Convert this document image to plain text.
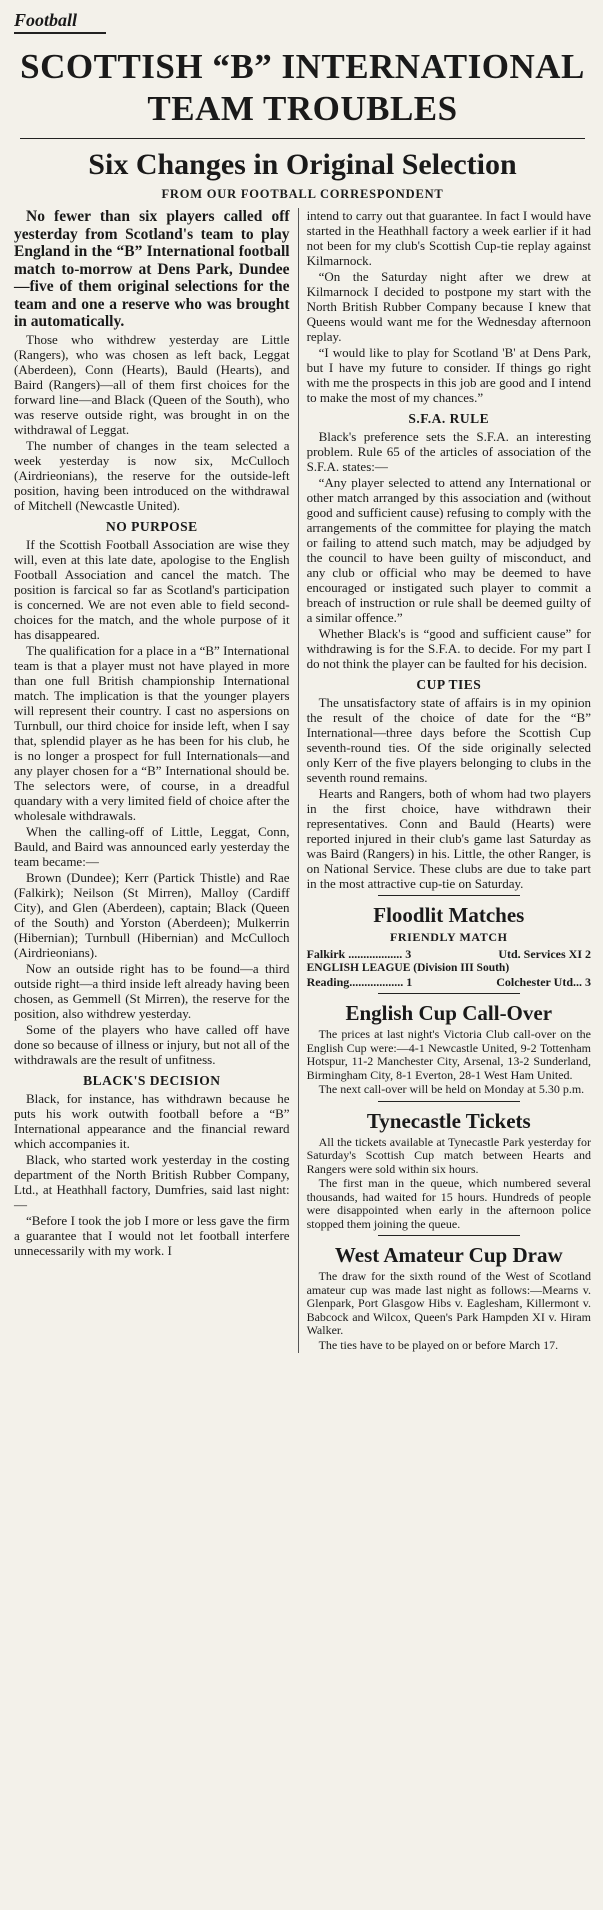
Football
SCOTTISH “B” INTERNATIONAL
TEAM TROUBLES
Six Changes in Original Selection
FROM OUR FOOTBALL CORRESPONDENT

No fewer than six players called off yesterday from Scotland's team to play England in the “B” International football match to-morrow at Dens Park, Dundee—five of them original selections for the team and one a reserve who was brought in automatically.

Those who withdrew yesterday are Little (Rangers), who was chosen as left back, Leggat (Aberdeen), Conn (Hearts), Bauld (Hearts), and Baird (Rangers)—all of them first choices for the forward line—and Black (Queen of the South), who was reserve outside right, was brought in on the withdrawal of Leggat.

The number of changes in the team selected a week yesterday is now six, McCulloch (Airdrieonians), the reserve for the outside-left position, having been introduced on the withdrawal of Mitchell (Newcastle United).

NO PURPOSE

If the Scottish Football Association are wise they will, even at this late date, apologise to the English Football Association and cancel the match. The position is farcical so far as Scotland's participation is concerned. We are not even able to field second-choices for the match, and the whole purpose of it has disappeared.

The qualification for a place in a “B” International team is that a player must not have played in more than one full British championship International match. The implication is that the younger players will represent their country. I cast no aspersions on Turnbull, our third choice for inside left, when I say that, splendid player as he has been for his club, he is no longer a prospect for full Internationals—and any player chosen for a “B” International should be. The selectors were, of course, in a dreadful quandary with a very limited field of choice after the wholesale withdrawals.

When the calling-off of Little, Leggat, Conn, Bauld, and Baird was announced early yesterday the team became:—

Brown (Dundee); Kerr (Partick Thistle) and Rae (Falkirk); Neilson (St Mirren), Malloy (Cardiff City), and Glen (Aberdeen), captain; Black (Queen of the South) and Yorston (Aberdeen); Mulkerrin (Hibernian); Turnbull (Hibernian) and McCulloch (Airdrieonians).

Now an outside right has to be found—a third outside right—a third inside left already having been chosen, as Gemmell (St Mirren), the reserve for the position, also withdrew yesterday.

Some of the players who have called off have done so because of illness or injury, but not all of the withdrawals are the result of unfitness.

BLACK'S DECISION

Black, for instance, has withdrawn because he puts his work outwith football before a “B” International appearance and the financial reward which accompanies it.

Black, who started work yesterday in the costing department of the North British Rubber Company, Ltd., at Heathhall factory, Dumfries, said last night:—

“Before I took the job I more or less gave the firm a guarantee that I would not let football interfere unnecessarily with my work. I

intend to carry out that guarantee. In fact I would have started in the Heathhall factory a week earlier if it had not been for my club's Scottish Cup-tie replay against Kilmarnock.

“On the Saturday night after we drew at Kilmarnock I decided to postpone my start with the North British Rubber Company because I knew that Queens would want me for the Wednesday afternoon replay.

“I would like to play for Scotland 'B' at Dens Park, but I have my future to consider. If things go right with me the prospects in this job are good and I intend to make the most of my chances.”

S.F.A. RULE

Black's preference sets the S.F.A. an interesting problem. Rule 65 of the articles of association of the S.F.A. states:—

“Any player selected to attend any International or other match arranged by this association and (without good and sufficient cause) refusing to comply with the arrangements of the committee for playing the match or failing to attend such match, may be adjudged by the council to have been guilty of misconduct, and any club or official who may be deemed to have encouraged or instigated such player to commit a breach of instruction or rule shall be deemed guilty of a similar offence.”

Whether Black's is “good and sufficient cause” for withdrawing is for the S.F.A. to decide. For my part I do not think the player can be faulted for his decision.

CUP TIES

The unsatisfactory state of affairs is in my opinion the result of the choice of date for the “B” International—three days before the Scottish Cup seventh-round ties. Of the side originally selected only Kerr of the five players belonging to clubs in the seventh round remains.

Hearts and Rangers, both of whom had two players in the first choice, have withdrawn their representatives. Conn and Bauld (Hearts) were reported injured in their club's game last Saturday as was Baird (Rangers) in his. Little, the other Ranger, is on National Service. These clubs are due to take part in the most attractive cup-tie on Saturday.

Floodlit Matches
FRIENDLY MATCH
Falkirk .................. 3	Utd. Services XI 2
ENGLISH LEAGUE (Division III South)
Reading.................. 1	Colchester Utd... 3
English Cup Call-Over

The prices at last night's Victoria Club call-over on the English Cup were:—4-1 Newcastle United, 9-2 Tottenham Hotspur, 11-2 Manchester City, Arsenal, 13-2 Sunderland, Birmingham City, 8-1 Everton, 28-1 West Ham United.

The next call-over will be held on Monday at 5.30 p.m.

Tynecastle Tickets

All the tickets available at Tynecastle Park yesterday for Saturday's Scottish Cup match between Hearts and Rangers were sold within six hours.

The first man in the queue, which numbered several thousands, had waited for 15 hours. Hundreds of people were disappointed when early in the afternoon police stopped them joining the queue.

West Amateur Cup Draw

The draw for the sixth round of the West of Scotland amateur cup was made last night as follows:—Mearns v. Glenpark, Port Glasgow Hibs v. Eaglesham, Killermont v. Babcock and Wilcox, Queen's Park Hampden XI v. Hiram Walker.

The ties have to be played on or before March 17.
